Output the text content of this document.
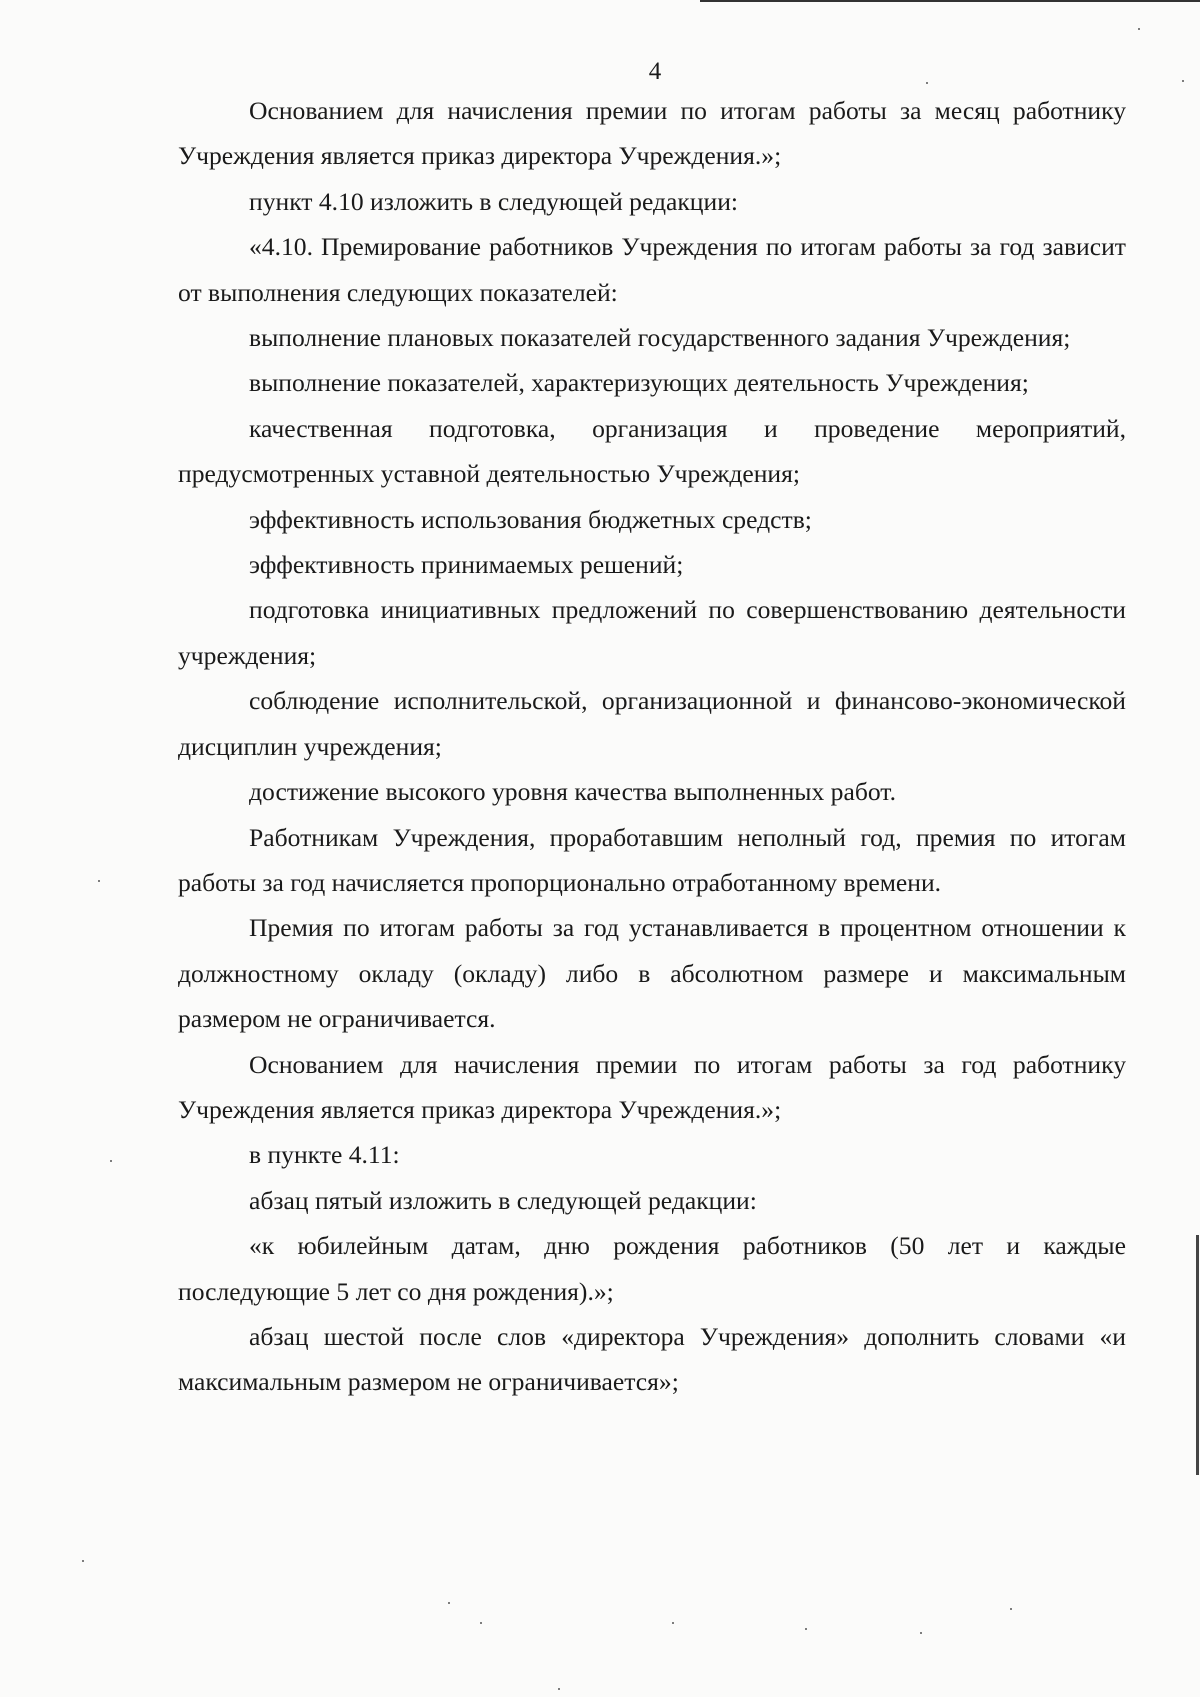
4

Основанием для начисления премии по итогам работы за месяц работнику Учреждения является приказ директора Учреждения.»;

пункт 4.10 изложить в следующей редакции:

«4.10. Премирование работников Учреждения по итогам работы за год зависит от выполнения следующих показателей:

выполнение плановых показателей государственного задания Учреждения;

выполнение показателей, характеризующих деятельность Учреждения;

качественная подготовка, организация и проведение мероприятий, предусмотренных уставной деятельностью Учреждения;

эффективность использования бюджетных средств;

эффективность принимаемых решений;

подготовка инициативных предложений по совершенствованию деятельности учреждения;

соблюдение исполнительской, организационной и финансово-экономической дисциплин учреждения;

достижение высокого уровня качества выполненных работ.

Работникам Учреждения, проработавшим неполный год, премия по итогам работы за год начисляется пропорционально отработанному времени.

Премия по итогам работы за год устанавливается в процентном отношении к должностному окладу (окладу) либо в абсолютном размере и максимальным размером не ограничивается.

Основанием для начисления премии по итогам работы за год работнику Учреждения является приказ директора Учреждения.»;

в пункте 4.11:

абзац пятый изложить в следующей редакции:

«к юбилейным датам, дню рождения работников (50 лет и каждые последующие 5 лет со дня рождения).»;

абзац шестой после слов «директора Учреждения» дополнить словами «и максимальным размером не ограничивается»;
